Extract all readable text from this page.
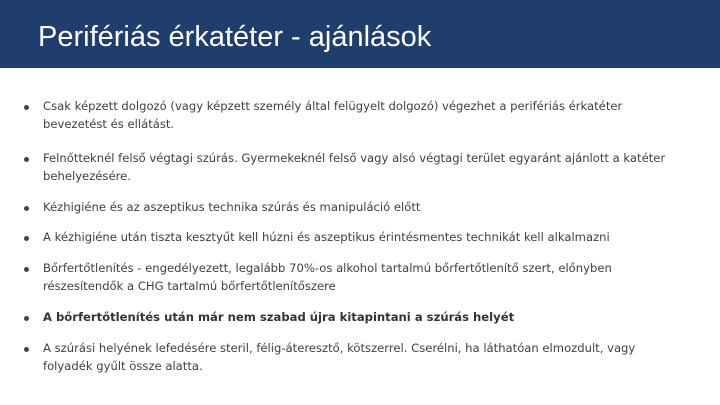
Perifériás érkatéter - ajánlások
Csak képzett dolgozó (vagy képzett személy által felügyelt dolgozó) végezhet a perifériás érkatéter bevezetést és ellátást.
Felnőtteknél felső végtagi szúrás. Gyermekeknél felső vagy alsó végtagi terület egyaránt ajánlott a katéter behelyezésére.
Kézhigiéne és az aszeptikus technika szúrás és manipuláció előtt
A kézhigiéne után tiszta kesztyűt kell húzni és aszeptikus érintésmentes technikát kell alkalmazni
Bőrfertőtlenítés - engedélyezett, legalább 70%-os alkohol tartalmú bőrfertőtlenítő szert, előnyben részesítendők a CHG tartalmú bőrfertőtlenítőszere
A bőrfertőtlenítés után már nem szabad újra kitapintani a szúrás helyét
A szúrási helyének lefedésére steril, félig-áteresztő, kötszerrel. Cserélni, ha láthatóan elmozdult, vagy folyadék gyűlt össze alatta.
